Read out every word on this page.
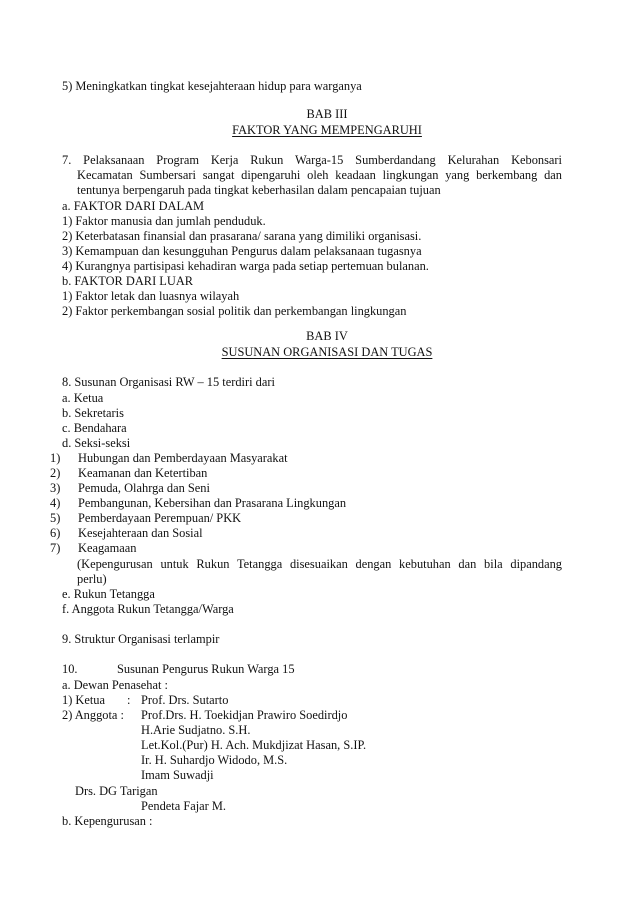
5) Meningkatkan tingkat kesejahteraan hidup para warganya
BAB III
FAKTOR YANG MEMPENGARUHI
7. Pelaksanaan Program Kerja Rukun Warga-15 Sumberdandang Kelurahan Kebonsari
Kecamatan Sumbersari sangat dipengaruhi oleh keadaan lingkungan yang berkembang dan
tentunya berpengaruh pada tingkat keberhasilan dalam pencapaian tujuan
a. FAKTOR DARI DALAM
1) Faktor manusia dan jumlah penduduk.
2) Keterbatasan finansial dan prasarana/ sarana yang dimiliki organisasi.
3) Kemampuan dan kesungguhan Pengurus dalam pelaksanaan tugasnya
4) Kurangnya partisipasi kehadiran warga pada setiap pertemuan bulanan.
b. FAKTOR DARI LUAR
1) Faktor letak dan luasnya wilayah
2) Faktor perkembangan sosial politik dan perkembangan lingkungan
BAB IV
SUSUNAN ORGANISASI DAN TUGAS
8. Susunan Organisasi RW – 15 terdiri dari
a. Ketua
b. Sekretaris
c. Bendahara
d. Seksi-seksi
1) Hubungan dan Pemberdayaan Masyarakat
2) Keamanan dan Ketertiban
3) Pemuda, Olahrga dan Seni
4) Pembangunan, Kebersihan dan Prasarana Lingkungan
5) Pemberdayaan Perempuan/ PKK
6) Kesejahteraan dan Sosial
7) Keagamaan
(Kepengurusan untuk Rukun Tetangga disesuaikan dengan kebutuhan dan bila dipandang
perlu)
e. Rukun Tetangga
f. Anggota Rukun Tetangga/Warga
9. Struktur Organisasi terlampir
10.	Susunan Pengurus Rukun Warga 15
a. Dewan Penasehat :
1) Ketua : Prof. Drs. Sutarto
2) Anggota : Prof.Drs. H. Toekidjan Prawiro Soedirdjo
H.Arie Sudjatno. S.H.
Let.Kol.(Pur) H. Ach. Mukdjizat Hasan, S.IP.
Ir. H. Suhardjo Widodo, M.S.
Imam Suwadji
Drs. DG Tarigan
Pendeta Fajar M.
b. Kepengurusan :
